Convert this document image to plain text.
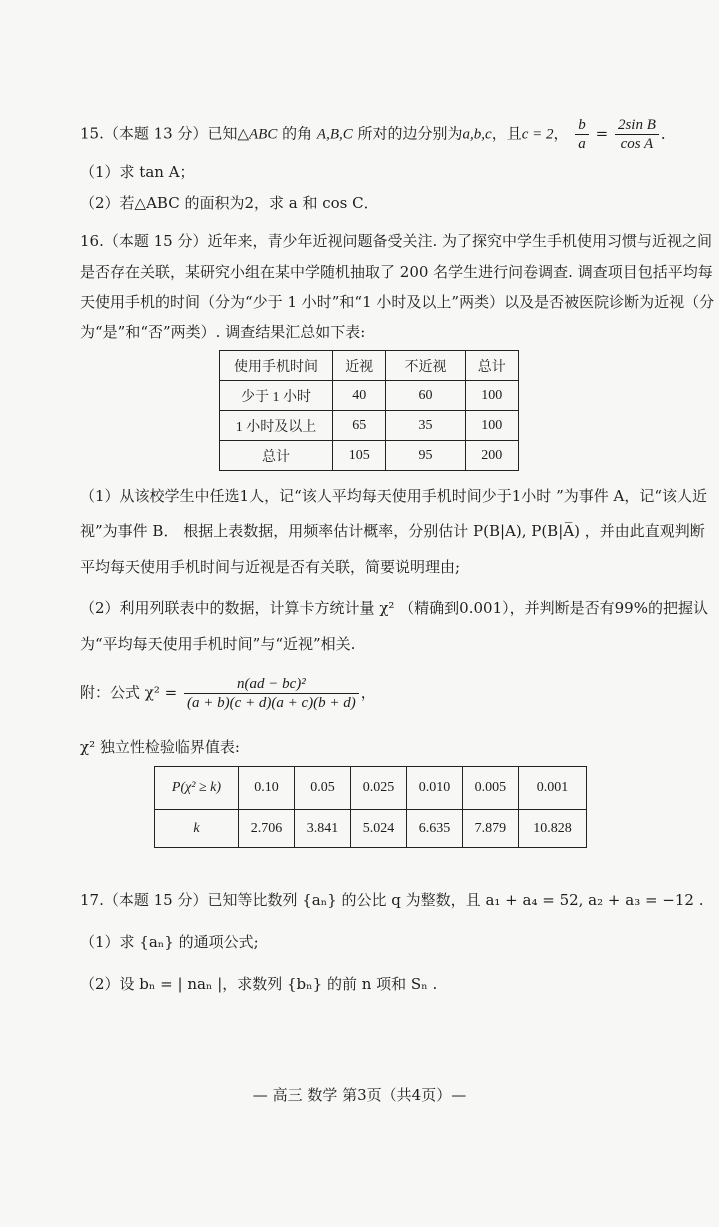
15.（本题 13 分）已知△ABC 的角 A,B,C 所对的边分别为a,b,c，且c = 2， $\frac{b}{a} = \frac{\text{2sin B}}{\text{cos A}}$ ．
（1）求 tan A；
（2）若△ABC 的面积为2，求 a 和 cos C．
16.（本题 15 分）近年来，青少年近视问题备受关注. 为了探究中学生手机使用习惯与近视之间
是否存在关联，某研究小组在某中学随机抽取了 200 名学生进行问卷调查. 调查项目包括平均每
天使用手机的时间（分为“少于 1 小时”和“1 小时及以上”两类）以及是否被医院诊断为近视（分
为“是”和“否”两类）. 调查结果汇总如下表:
使用手机时间	近视	不近视	总计
少于 1 小时	40	60	100
1 小时及以上	65	35	100
总计	105	95	200
（1）从该校学生中任选1人，记“该人平均每天使用手机时间少于1小时 ”为事件 A，记“该人近
视”为事件 B． 根据上表数据，用频率估计概率，分别估计 P(B|A), P(B|A̅) ，并由此直观判断
平均每天使用手机时间与近视是否有关联，简要说明理由;
（2）利用列联表中的数据，计算卡方统计量 χ² （精确到0.001），并判断是否有99%的把握认
为“平均每天使用手机时间”与“近视”相关.
附：公式 $\chi^2 = \frac{\text{n(ad − bc)²}}{(a + b)(c + d)(a + c)(b + d)}$ ，
χ² 独立性检验临界值表:
P(χ² ≥ k)	0.10	0.05	0.025	0.010	0.005	0.001
k	2.706	3.841	5.024	6.635	7.879	10.828
17.（本题 15 分）已知等比数列 {aₙ} 的公比 q 为整数，且 a₁ + a₄ = 52, a₂ + a₃ = −12 .
（1）求 {aₙ} 的通项公式;
（2）设 bₙ = | naₙ |，求数列 {bₙ} 的前 n 项和 Sₙ .
— 高三 数学 第3页（共4页）—
